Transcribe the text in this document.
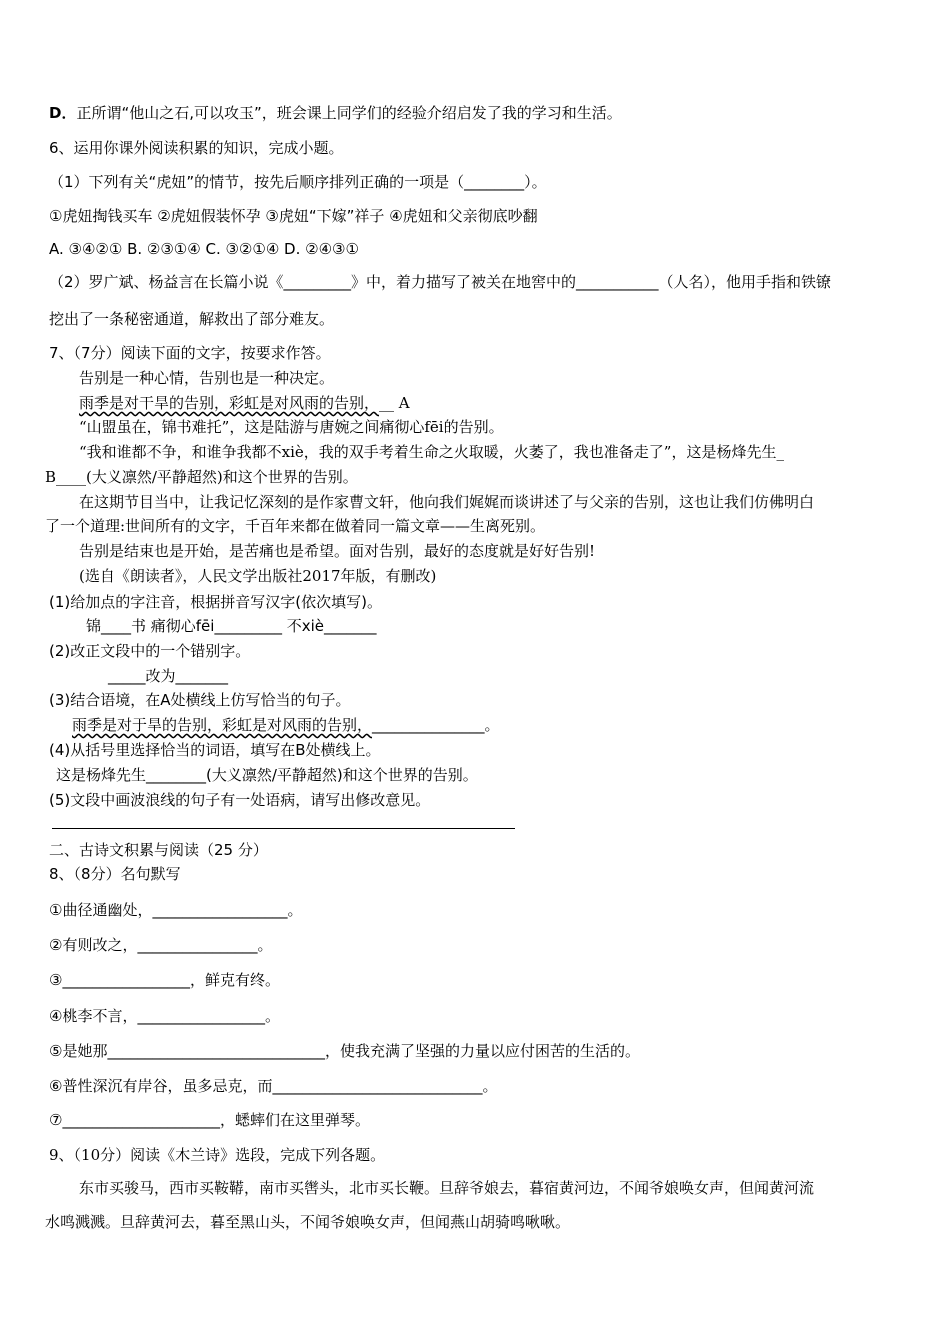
D．正所谓“他山之石,可以攻玉”，班会课上同学们的经验介绍启发了我的学习和生活。
6、运用你课外阅读积累的知识，完成小题。
（1）下列有关“虎妞”的情节，按先后顺序排列正确的一项是（________）。
①虎妞掏钱买车 ②虎妞假装怀孕 ③虎妞“下嫁”祥子 ④虎妞和父亲彻底吵翻
A. ③④②① B. ②③①④ C. ③②①④ D. ②④③①
（2）罗广斌、杨益言在长篇小说《_________》中，着力描写了被关在地窖中的___________（人名），他用手指和铁镣
挖出了一条秘密通道，解救出了部分难友。
7、（7分）阅读下面的文字，按要求作答。
告别是一种心情，告别也是一种决定。
雨季是对干旱的告别，彩虹是对风雨的告别，__ A
“山盟虽在，锦书难托”，这是陆游与唐婉之间痛彻心fēi的告别。
“我和谁都不争，和谁争我都不xiè，我的双手考着生命之火取暖，火萎了，我也准备走了”，这是杨烽先生_
B____(大义凛然/平静超然)和这个世界的告别。
在这期节目当中，让我记忆深刻的是作家曹文轩，他向我们娓娓而谈讲述了与父亲的告别，这也让我们仿佛明白
了一个道理:世间所有的文字，千百年来都在做着同一篇文章——生离死别。
告别是结束也是开始，是苦痛也是希望。面对告别，最好的态度就是好好告别!
(选自《朗读者》，人民文学出版社2017年版，有删改)
(1)给加点的字注音，根据拼音写汉字(依次填写)。
锦____书 痛彻心fēi_________ 不xiè_______
(2)改正文段中的一个错别字。
_____改为_______
(3)结合语境，在A处横线上仿写恰当的句子。
雨季是对于旱的告别，彩虹是对风雨的告别，_______________。
(4)从括号里选择恰当的词语，填写在B处横线上。
这是杨烽先生________(大义凛然/平静超然)和这个世界的告别。
(5)文段中画波浪线的句子有一处语病，请写出修改意见。
二、古诗文积累与阅读（25 分）
8、（8分）名句默写
①曲径通幽处，__________________。
②有则改之，________________。
③_________________，鲜克有终。
④桃李不言，_________________。
⑤是她那_____________________________，使我充满了坚强的力量以应付困苦的生活的。
⑥普性深沉有岸谷，虽多忌克，而____________________________。
⑦_____________________，蟋蟀们在这里弹琴。
9、（10分）阅读《木兰诗》选段，完成下列各题。
东市买骏马，西市买鞍鞯，南市买辔头，北市买长鞭。旦辞爷娘去，暮宿黄河边，不闻爷娘唤女声，但闻黄河流
水鸣溅溅。旦辞黄河去，暮至黑山头，不闻爷娘唤女声，但闻燕山胡骑鸣啾啾。
